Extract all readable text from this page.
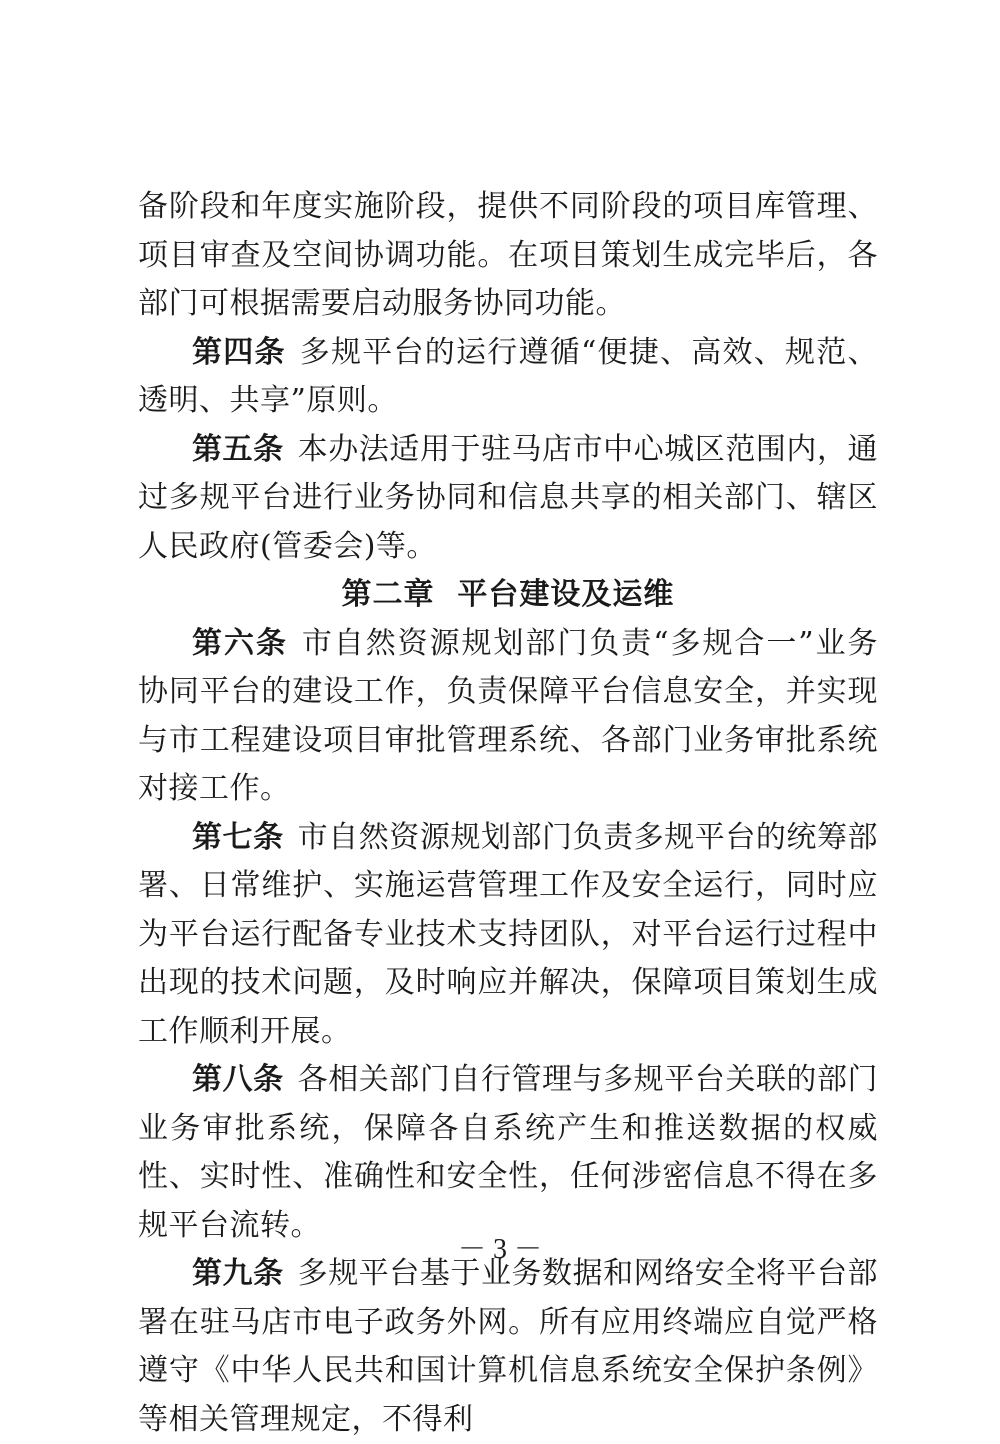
备阶段和年度实施阶段，提供不同阶段的项目库管理、项目审查及空间协调功能。在项目策划生成完毕后，各部门可根据需要启动服务协同功能。

第四条 多规平台的运行遵循“便捷、高效、规范、透明、共享”原则。

第五条 本办法适用于驻马店市中心城区范围内，通过多规平台进行业务协同和信息共享的相关部门、辖区人民政府(管委会)等。

第二章  平台建设及运维

第六条 市自然资源规划部门负责“多规合一”业务协同平台的建设工作，负责保障平台信息安全，并实现与市工程建设项目审批管理系统、各部门业务审批系统对接工作。

第七条 市自然资源规划部门负责多规平台的统筹部署、日常维护、实施运营管理工作及安全运行，同时应为平台运行配备专业技术支持团队，对平台运行过程中出现的技术问题，及时响应并解决，保障项目策划生成工作顺利开展。

第八条 各相关部门自行管理与多规平台关联的部门业务审批系统，保障各自系统产生和推送数据的权威性、实时性、准确性和安全性，任何涉密信息不得在多规平台流转。

第九条 多规平台基于业务数据和网络安全将平台部署在驻马店市电子政务外网。所有应用终端应自觉严格遵守《中华人民共和国计算机信息系统安全保护条例》等相关管理规定，不得利

－ 3 －
